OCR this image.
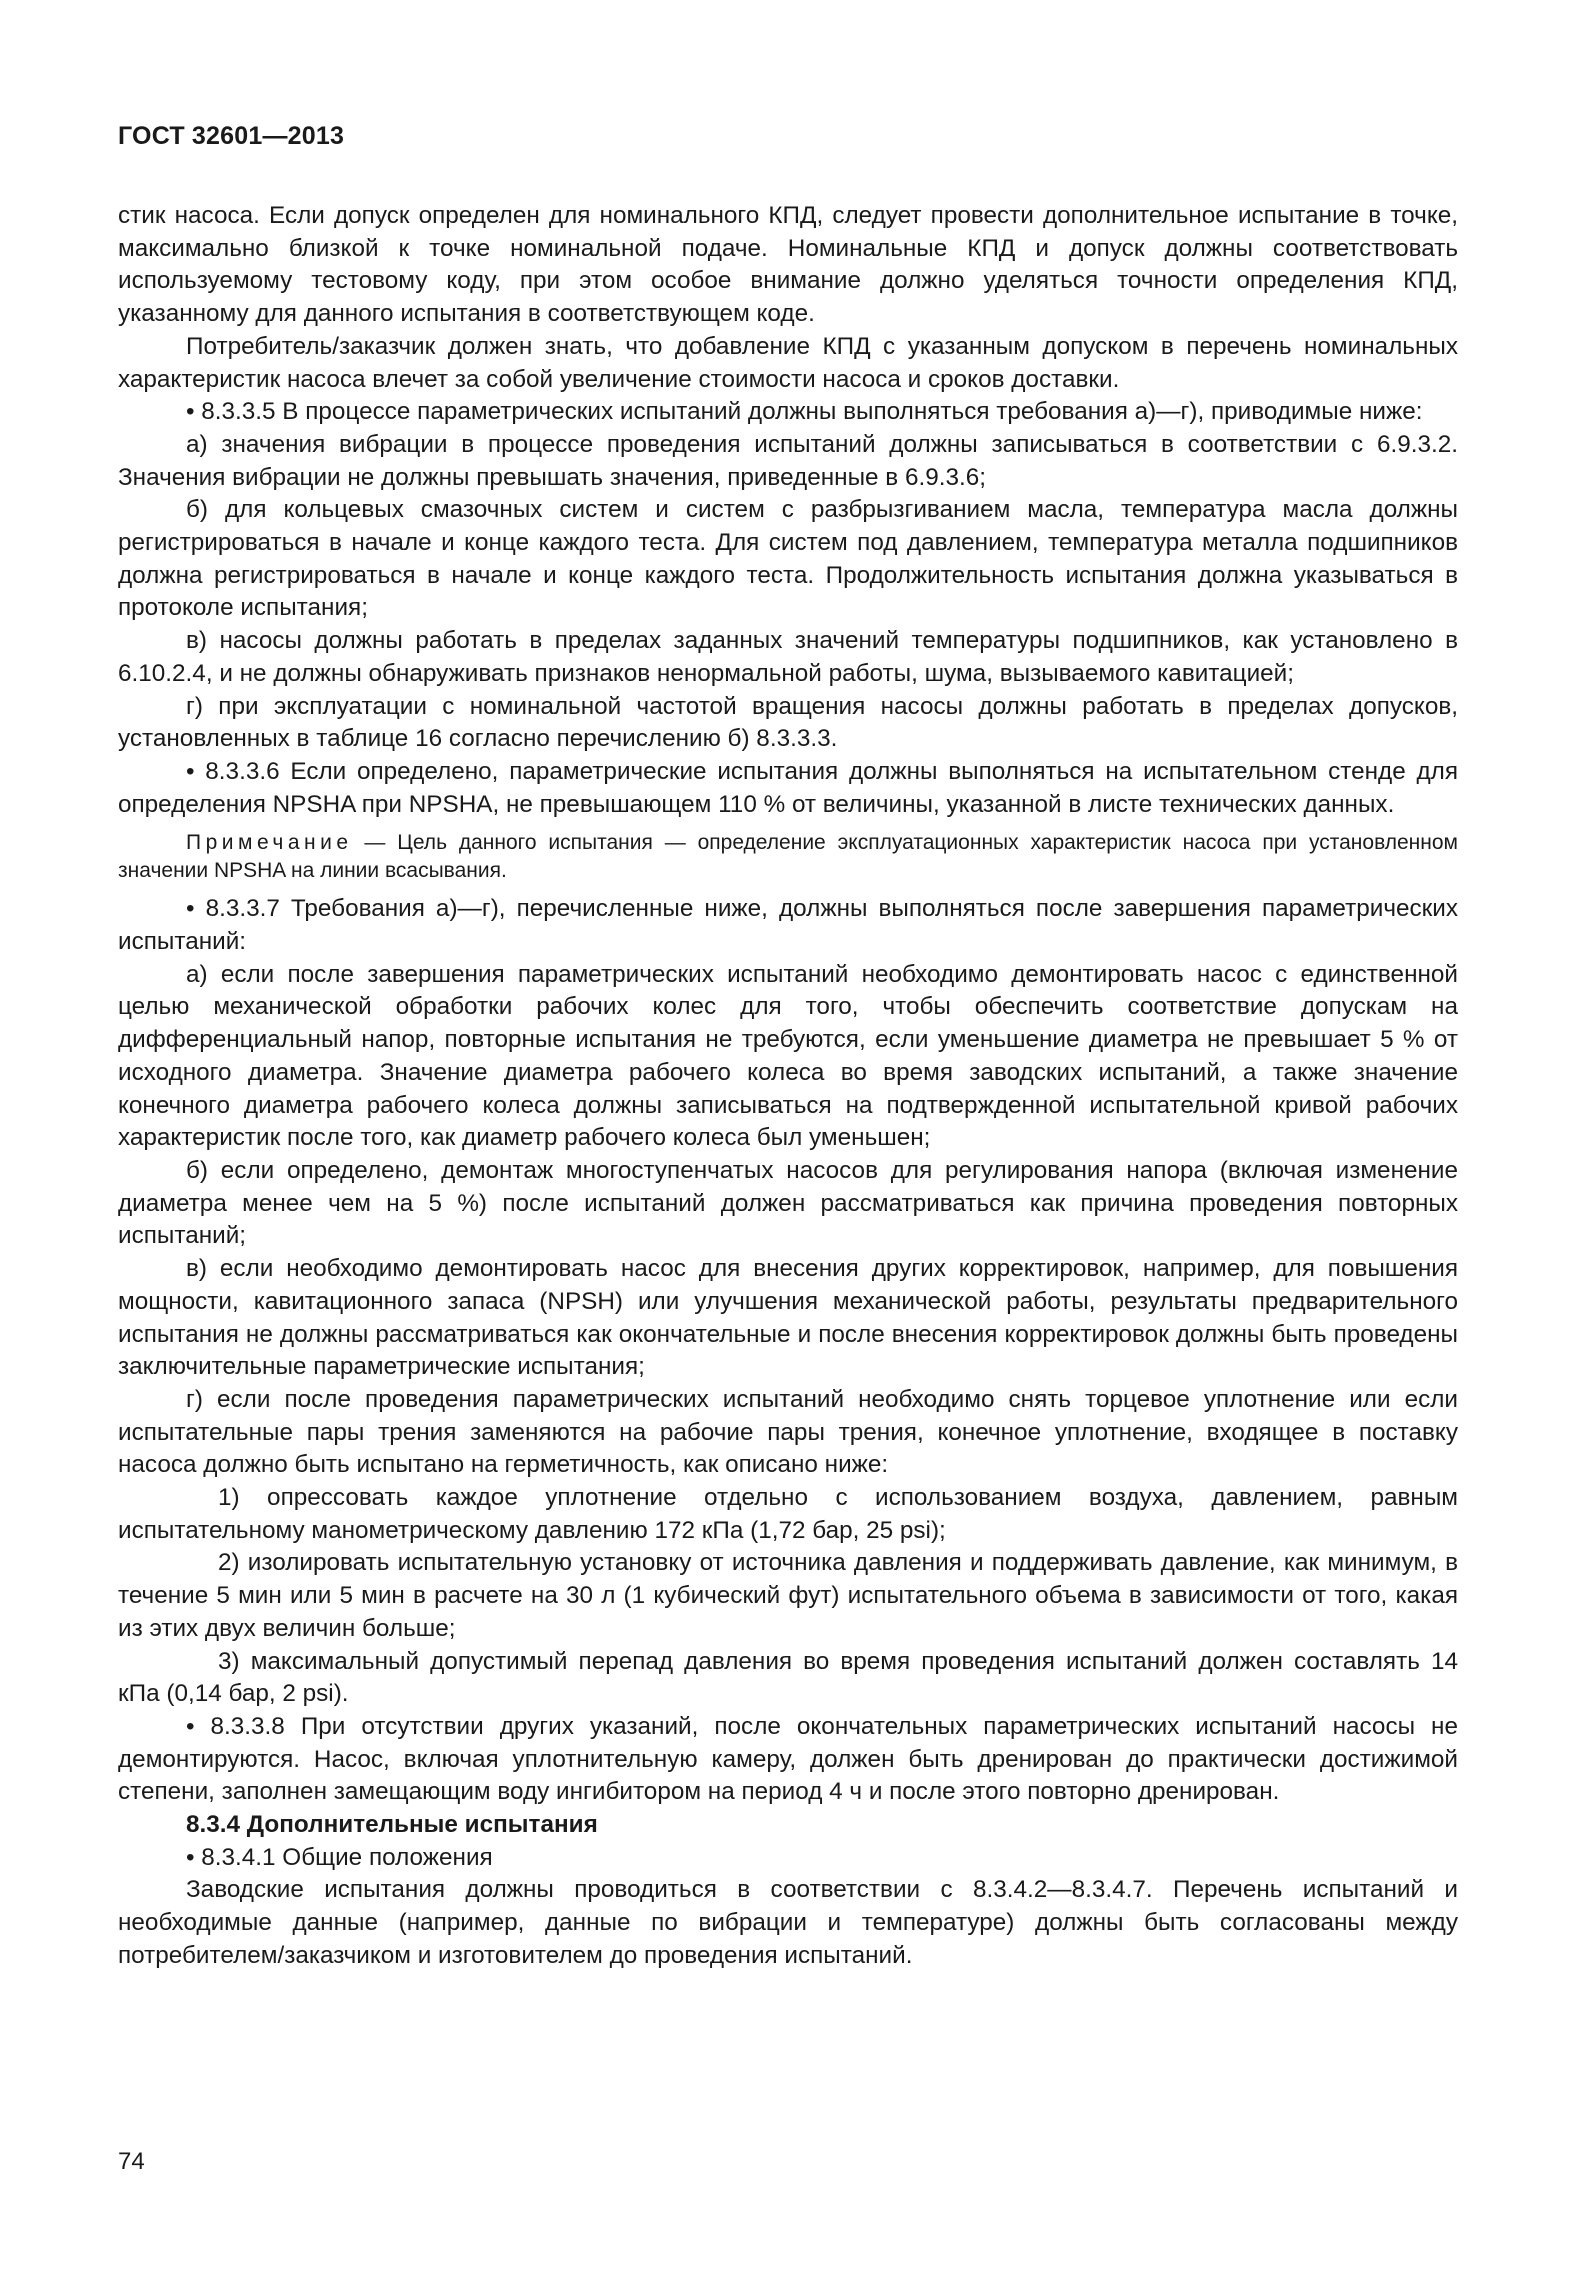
ГОСТ 32601—2013

стик насоса. Если допуск определен для номинального КПД, следует провести дополнительное испытание в точке, максимально близкой к точке номинальной подаче. Номинальные КПД и допуск должны соответствовать используемому тестовому коду, при этом особое внимание должно уделяться точности определения КПД, указанному для данного испытания в соответствующем коде.

Потребитель/заказчик должен знать, что добавление КПД с указанным допуском в перечень номинальных характеристик насоса влечет за собой увеличение стоимости насоса и сроков доставки.

• 8.3.3.5 В процессе параметрических испытаний должны выполняться требования а)—г), приводимые ниже:

а) значения вибрации в процессе проведения испытаний должны записываться в соответствии с 6.9.3.2. Значения вибрации не должны превышать значения, приведенные в 6.9.3.6;

б) для кольцевых смазочных систем и систем с разбрызгиванием масла, температура масла должны регистрироваться в начале и конце каждого теста. Для систем под давлением, температура металла подшипников должна регистрироваться в начале и конце каждого теста. Продолжительность испытания должна указываться в протоколе испытания;

в) насосы должны работать в пределах заданных значений температуры подшипников, как установлено в 6.10.2.4, и не должны обнаруживать признаков ненормальной работы, шума, вызываемого кавитацией;

г) при эксплуатации с номинальной частотой вращения насосы должны работать в пределах допусков, установленных в таблице 16 согласно перечислению б) 8.3.3.3.

• 8.3.3.6 Если определено, параметрические испытания должны выполняться на испытательном стенде для определения NPSHA при NPSHA, не превышающем 110 % от величины, указанной в листе технических данных.

Примечание — Цель данного испытания — определение эксплуатационных характеристик насоса при установленном значении NPSHA на линии всасывания.

• 8.3.3.7 Требования а)—г), перечисленные ниже, должны выполняться после завершения параметрических испытаний:

а) если после завершения параметрических испытаний необходимо демонтировать насос с единственной целью механической обработки рабочих колес для того, чтобы обеспечить соответствие допускам на дифференциальный напор, повторные испытания не требуются, если уменьшение диаметра не превышает 5 % от исходного диаметра. Значение диаметра рабочего колеса во время заводских испытаний, а также значение конечного диаметра рабочего колеса должны записываться на подтвержденной испытательной кривой рабочих характеристик после того, как диаметр рабочего колеса был уменьшен;

б) если определено, демонтаж многоступенчатых насосов для регулирования напора (включая изменение диаметра менее чем на 5 %) после испытаний должен рассматриваться как причина проведения повторных испытаний;

в) если необходимо демонтировать насос для внесения других корректировок, например, для повышения мощности, кавитационного запаса (NPSH) или улучшения механической работы, результаты предварительного испытания не должны рассматриваться как окончательные и после внесения корректировок должны быть проведены заключительные параметрические испытания;

г) если после проведения параметрических испытаний необходимо снять торцевое уплотнение или если испытательные пары трения заменяются на рабочие пары трения, конечное уплотнение, входящее в поставку насоса должно быть испытано на герметичность, как описано ниже:

1) опрессовать каждое уплотнение отдельно с использованием воздуха, давлением, равным испытательному манометрическому давлению 172 кПа (1,72 бар, 25 psi);

2) изолировать испытательную установку от источника давления и поддерживать давление, как минимум, в течение 5 мин или 5 мин в расчете на 30 л (1 кубический фут) испытательного объема в зависимости от того, какая из этих двух величин больше;

3) максимальный допустимый перепад давления во время проведения испытаний должен составлять 14 кПа (0,14 бар, 2 psi).

• 8.3.3.8 При отсутствии других указаний, после окончательных параметрических испытаний насосы не демонтируются. Насос, включая уплотнительную камеру, должен быть дренирован до практически достижимой степени, заполнен замещающим воду ингибитором на период 4 ч и после этого повторно дренирован.

8.3.4 Дополнительные испытания

• 8.3.4.1 Общие положения

Заводские испытания должны проводиться в соответствии с 8.3.4.2—8.3.4.7. Перечень испытаний и необходимые данные (например, данные по вибрации и температуре) должны быть согласованы между потребителем/заказчиком и изготовителем до проведения испытаний.

74
